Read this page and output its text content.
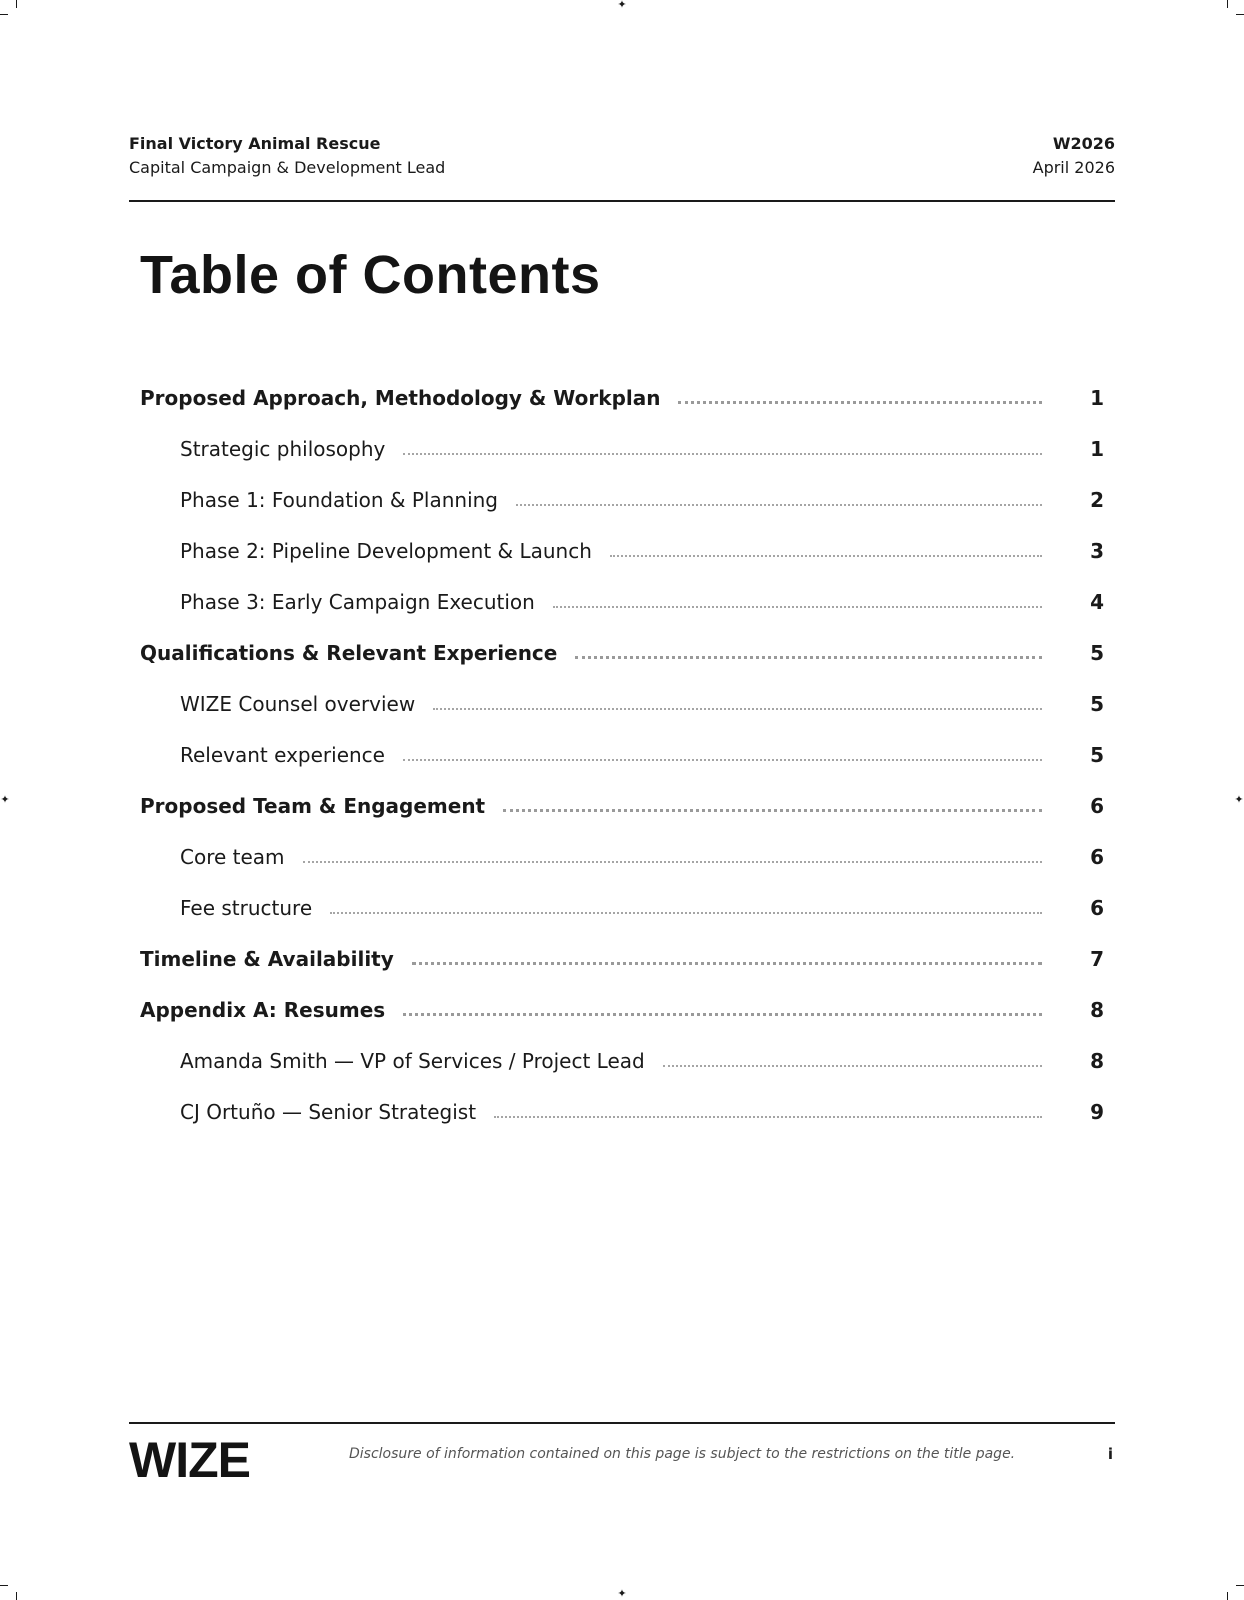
✦
✦
✦	✦
Final Victory Animal Rescue
Capital Campaign & Development Lead
W2026
April 2026
Table of Contents
Proposed Approach, Methodology & Workplan	1
Strategic philosophy	1
Phase 1: Foundation & Planning	2
Phase 2: Pipeline Development & Launch	3
Phase 3: Early Campaign Execution	4
Qualifications & Relevant Experience	5
WIZE Counsel overview	5
Relevant experience	5
Proposed Team & Engagement	6
Core team	6
Fee structure	6
Timeline & Availability	7
Appendix A: Resumes	8
Amanda Smith — VP of Services / Project Lead	8
CJ Ortuño — Senior Strategist	9
WIZE	Disclosure of information contained on this page is subject to the restrictions on the title page.	i
